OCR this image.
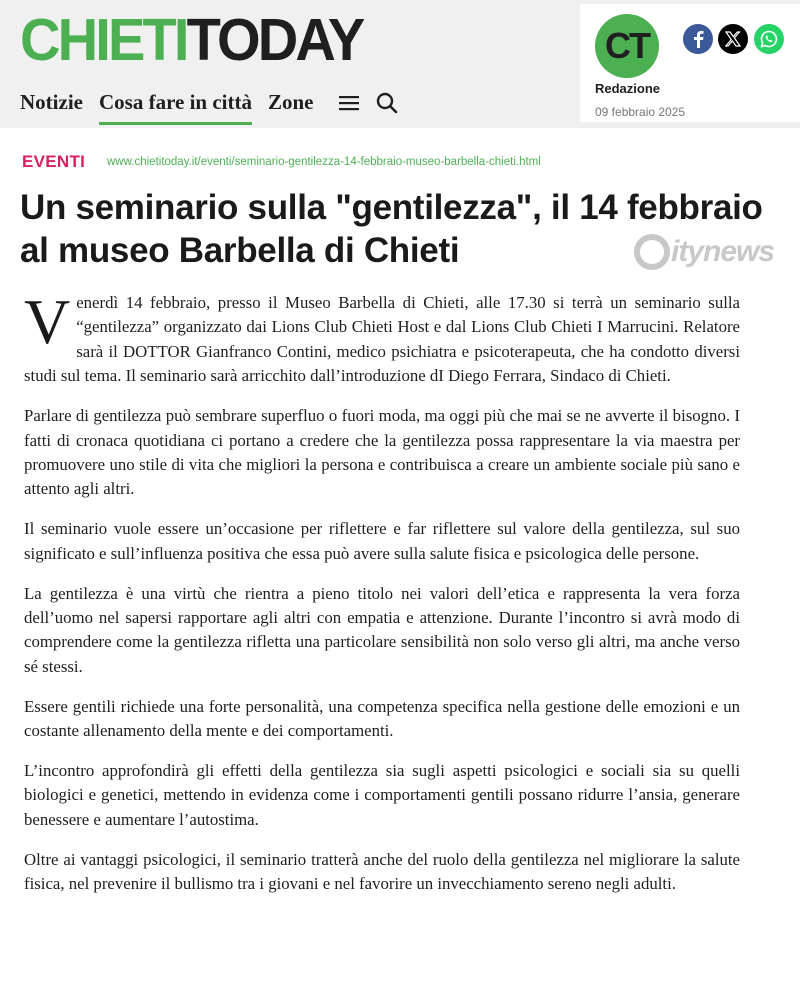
CHIETITODAY
Notizie Cosa fare in città Zone
CT
Redazione
09 febbraio 2025
EVENTI www.chietitoday.it/eventi/seminario-gentilezza-14-febbraio-museo-barbella-chieti.html
Un seminario sulla "gentilezza", il 14 febbraio
al museo Barbella di Chieti	itynews

Venerdì 14 febbraio, presso il Museo Barbella di Chieti, alle 17.30 si terrà un seminario sulla “gentilezza” organizzato dai Lions Club Chieti Host e dal Lions Club Chieti I Marrucini. Relatore sarà il DOTTOR Gianfranco Contini, medico psichiatra e psicoterapeuta, che ha condotto diversi studi sul tema. Il seminario sarà arricchito dall’introduzione dI Diego Ferrara, Sindaco di Chieti.

Parlare di gentilezza può sembrare superfluo o fuori moda, ma oggi più che mai se ne avverte il bisogno. I fatti di cronaca quotidiana ci portano a credere che la gentilezza possa rappresentare la via maestra per promuovere uno stile di vita che migliori la persona e contribuisca a creare un ambiente sociale più sano e attento agli altri.

Il seminario vuole essere un’occasione per riflettere e far riflettere sul valore della gentilezza, sul suo significato e sull’influenza positiva che essa può avere sulla salute fisica e psicologica delle persone.

La gentilezza è una virtù che rientra a pieno titolo nei valori dell’etica e rappresenta la vera forza dell’uomo nel sapersi rapportare agli altri con empatia e attenzione. Durante l’incontro si avrà modo di comprendere come la gentilezza rifletta una particolare sensibilità non solo verso gli altri, ma anche verso sé stessi.

Essere gentili richiede una forte personalità, una competenza specifica nella gestione delle emozioni e un costante allenamento della mente e dei comportamenti.

L’incontro approfondirà gli effetti della gentilezza sia sugli aspetti psicologici e sociali sia su quelli biologici e genetici, mettendo in evidenza come i comportamenti gentili possano ridurre l’ansia, generare benessere e aumentare l’autostima.

Oltre ai vantaggi psicologici, il seminario tratterà anche del ruolo della gentilezza nel migliorare la salute fisica, nel prevenire il bullismo tra i giovani e nel favorire un invecchiamento sereno negli adulti.
